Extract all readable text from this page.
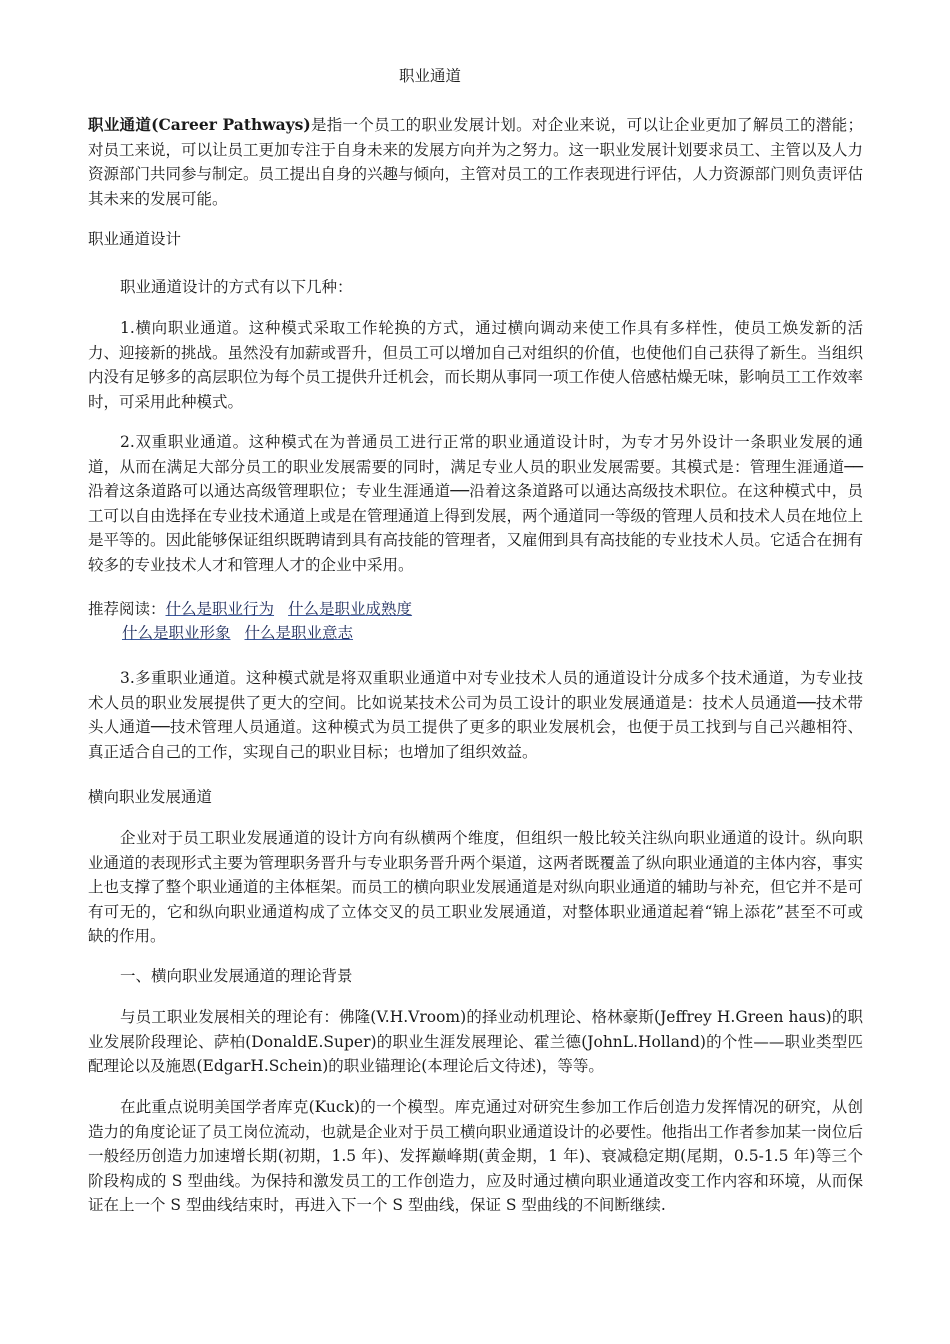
职业通道
职业通道(Career Pathways)是指一个员工的职业发展计划。对企业来说，可以让企业更加了解员工的潜能；对员工来说，可以让员工更加专注于自身未来的发展方向并为之努力。这一职业发展计划要求员工、主管以及人力资源部门共同参与制定。员工提出自身的兴趣与倾向，主管对员工的工作表现进行评估，人力资源部门则负责评估其未来的发展可能。
职业通道设计
职业通道设计的方式有以下几种：
1.横向职业通道。这种模式采取工作轮换的方式，通过横向调动来使工作具有多样性，使员工焕发新的活力、迎接新的挑战。虽然没有加薪或晋升，但员工可以增加自己对组织的价值，也使他们自己获得了新生。当组织内没有足够多的高层职位为每个员工提供升迁机会，而长期从事同一项工作使人倍感枯燥无味，影响员工工作效率时，可采用此种模式。
2.双重职业通道。这种模式在为普通员工进行正常的职业通道设计时，为专才另外设计一条职业发展的通道，从而在满足大部分员工的职业发展需要的同时，满足专业人员的职业发展需要。其模式是：管理生涯通道──沿着这条道路可以通达高级管理职位；专业生涯通道──沿着这条道路可以通达高级技术职位。在这种模式中，员工可以自由选择在专业技术通道上或是在管理通道上得到发展，两个通道同一等级的管理人员和技术人员在地位上是平等的。因此能够保证组织既聘请到具有高技能的管理者，又雇佣到具有高技能的专业技术人员。它适合在拥有较多的专业技术人才和管理人才的企业中采用。
推荐阅读：什么是职业行为 什么是职业成熟度
什么是职业形象 什么是职业意志
3.多重职业通道。这种模式就是将双重职业通道中对专业技术人员的通道设计分成多个技术通道，为专业技术人员的职业发展提供了更大的空间。比如说某技术公司为员工设计的职业发展通道是：技术人员通道──技术带头人通道──技术管理人员通道。这种模式为员工提供了更多的职业发展机会，也便于员工找到与自己兴趣相符、真正适合自己的工作，实现自己的职业目标；也增加了组织效益。
横向职业发展通道
企业对于员工职业发展通道的设计方向有纵横两个维度，但组织一般比较关注纵向职业通道的设计。纵向职业通道的表现形式主要为管理职务晋升与专业职务晋升两个渠道，这两者既覆盖了纵向职业通道的主体内容，事实上也支撑了整个职业通道的主体框架。而员工的横向职业发展通道是对纵向职业通道的辅助与补充，但它并不是可有可无的，它和纵向职业通道构成了立体交叉的员工职业发展通道，对整体职业通道起着“锦上添花”甚至不可或缺的作用。
一、横向职业发展通道的理论背景
与员工职业发展相关的理论有：佛隆(V.H.Vroom)的择业动机理论、格林豪斯(Jeffrey H.Green haus)的职业发展阶段理论、萨柏(DonaldE.Super)的职业生涯发展理论、霍兰德(JohnL.Holland)的个性——职业类型匹配理论以及施恩(EdgarH.Schein)的职业锚理论(本理论后文待述)，等等。
在此重点说明美国学者库克(Kuck)的一个模型。库克通过对研究生参加工作后创造力发挥情况的研究，从创造力的角度论证了员工岗位流动，也就是企业对于员工横向职业通道设计的必要性。他指出工作者参加某一岗位后一般经历创造力加速增长期(初期，1.5 年)、发挥巅峰期(黄金期，1 年)、衰减稳定期(尾期，0.5-1.5 年)等三个阶段构成的 S 型曲线。为保持和激发员工的工作创造力，应及时通过横向职业通道改变工作内容和环境，从而保证在上一个 S 型曲线结束时，再进入下一个 S 型曲线，保证 S 型曲线的不间断继续.
